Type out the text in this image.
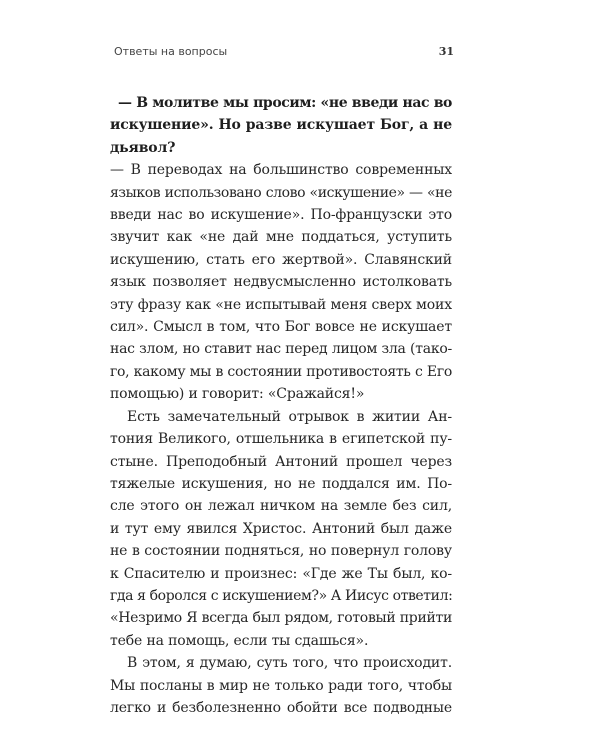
Ответы на вопросы	31
— В молитве мы просим: «не введи нас во
искушение». Но разве искушает Бог, а не
дьявол?
— В переводах на большинство современных
языков использовано слово «искушение» — «не
введи нас во искушение». По-французски это
звучит как «не дай мне поддаться, уступить
искушению, стать его жертвой». Славянский
язык позволяет недвусмысленно истолковать
эту фразу как «не испытывай меня сверх моих
сил». Смысл в том, что Бог вовсе не искушает
нас злом, но ставит нас перед лицом зла (тако-
го, какому мы в состоянии противостоять с Его
помощью) и говорит: «Сражайся!»
Есть замечательный отрывок в житии Ан-
тония Великого, отшельника в египетской пу-
стыне. Преподобный Антоний прошел через
тяжелые искушения, но не поддался им. По-
сле этого он лежал ничком на земле без сил,
и тут ему явился Христос. Антоний был даже
не в состоянии подняться, но повернул голову
к Спасителю и произнес: «Где же Ты был, ко-
гда я боролся с искушением?» А Иисус ответил:
«Незримо Я всегда был рядом, готовый прийти
тебе на помощь, если ты сдашься».
В этом, я думаю, суть того, что происходит.
Мы посланы в мир не только ради того, чтобы
легко и безболезненно обойти все подводные
